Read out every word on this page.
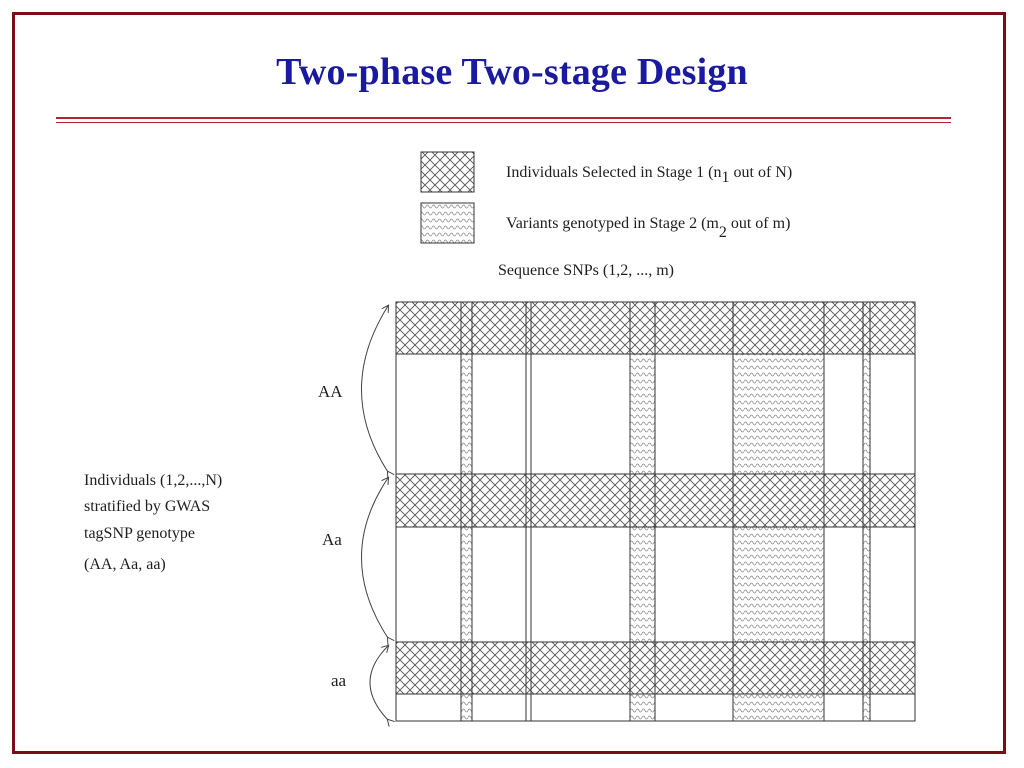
Two-phase Two-stage Design
Individuals Selected in Stage 1 (n1 out of N)
Variants genotyped in Stage 2 (m2 out of m)
Sequence SNPs (1,2, ..., m)
AA
Aa
aa
Individuals (1,2,...,N)
stratified by GWAS
tagSNP genotype
(AA, Aa, aa)
